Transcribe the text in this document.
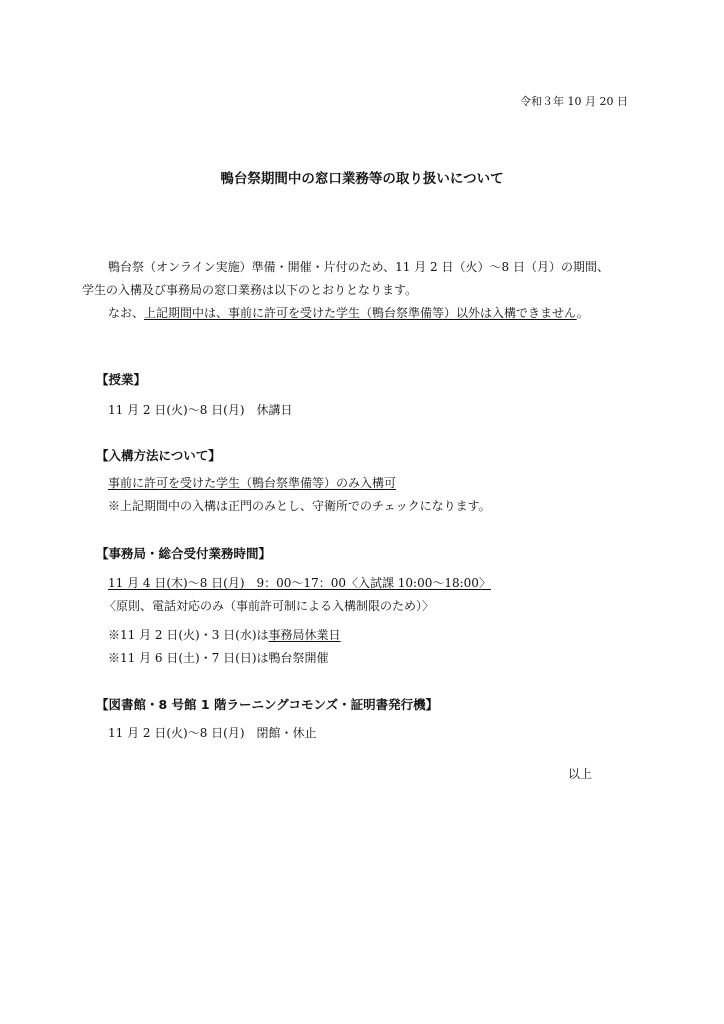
令和３年 10 月 20 日
鴨台祭期間中の窓口業務等の取り扱いについて

鴨台祭（オンライン実施）準備・開催・片付のため、11 月 2 日（火）～8 日（月）の期間、

学生の入構及び事務局の窓口業務は以下のとおりとなります。

なお、上記期間中は、事前に許可を受けた学生（鴨台祭準備等）以外は入構できません。

【授業】
11 月 2 日(火)～8 日(月)　休講日
【入構方法について】
事前に許可を受けた学生（鴨台祭準備等）のみ入構可
※上記期間中の入構は正門のみとし、守衛所でのチェックになります。
【事務局・総合受付業務時間】
11 月 4 日(木)～8 日(月)　9：00～17：00〈入試課 10:00～18:00〉
〈原則、電話対応のみ（事前許可制による入構制限のため）〉
※11 月 2 日(火)・3 日(水)は事務局休業日
※11 月 6 日(土)・7 日(日)は鴨台祭開催
【図書館・8 号館 1 階ラーニングコモンズ・証明書発行機】
11 月 2 日(火)～8 日(月)　閉館・休止
以上
